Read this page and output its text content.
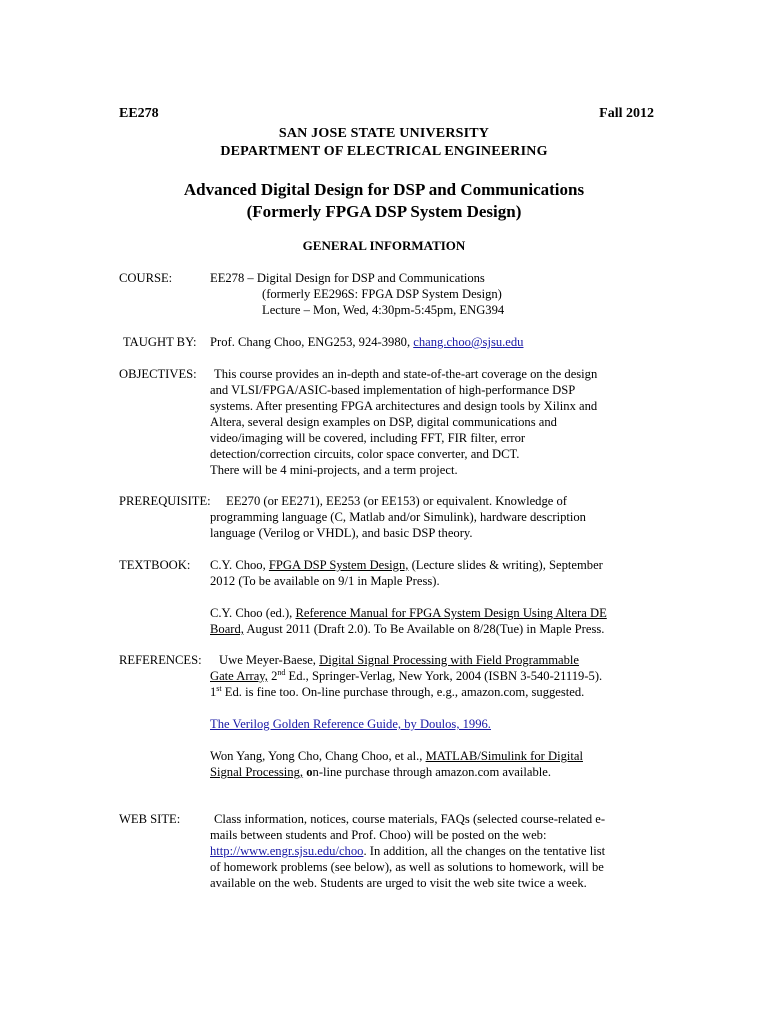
EE278	Fall 2012
SAN JOSE STATE UNIVERSITY
DEPARTMENT OF ELECTRICAL ENGINEERING
Advanced Digital Design for DSP and Communications
(Formerly FPGA DSP System Design)
GENERAL INFORMATION
COURSE:	EE278 – Digital Design for DSP and Communications
(formerly EE296S: FPGA DSP System Design)
Lecture – Mon, Wed, 4:30pm-5:45pm, ENG394
TAUGHT BY: Prof. Chang Choo, ENG253, 924-3980, chang.choo@sjsu.edu
OBJECTIVES:	This course provides an in-depth and state-of-the-art coverage on the design
and VLSI/FPGA/ASIC-based implementation of high-performance DSP
systems. After presenting FPGA architectures and design tools by Xilinx and
Altera, several design examples on DSP, digital communications and
video/imaging will be covered, including FFT, FIR filter, error
detection/correction circuits, color space converter, and DCT.
There will be 4 mini-projects, and a term project.
PREREQUISITE:	EE270 (or EE271), EE253 (or EE153) or equivalent. Knowledge of
programming language (C, Matlab and/or Simulink), hardware description
language (Verilog or VHDL), and basic DSP theory.
TEXTBOOK: C.Y. Choo, FPGA DSP System Design, (Lecture slides & writing), September
2012 (To be available on 9/1 in Maple Press).
C.Y. Choo (ed.), Reference Manual for FPGA System Design Using Altera DE
Board, August 2011 (Draft 2.0). To Be Available on 8/28(Tue) in Maple Press.
REFERENCES:	Uwe Meyer-Baese, Digital Signal Processing with Field Programmable
Gate Array, 2nd Ed., Springer-Verlag, New York, 2004 (ISBN 3-540-21119-5).
1st Ed. is fine too. On-line purchase through, e.g., amazon.com, suggested.
The Verilog Golden Reference Guide, by Doulos, 1996.
Won Yang, Yong Cho, Chang Choo, et al., MATLAB/Simulink for Digital
Signal Processing, on-line purchase through amazon.com available.
WEB SITE:	Class information, notices, course materials, FAQs (selected course-related e-
mails between students and Prof. Choo) will be posted on the web:
http://www.engr.sjsu.edu/choo. In addition, all the changes on the tentative list
of homework problems (see below), as well as solutions to homework, will be
available on the web. Students are urged to visit the web site twice a week.
